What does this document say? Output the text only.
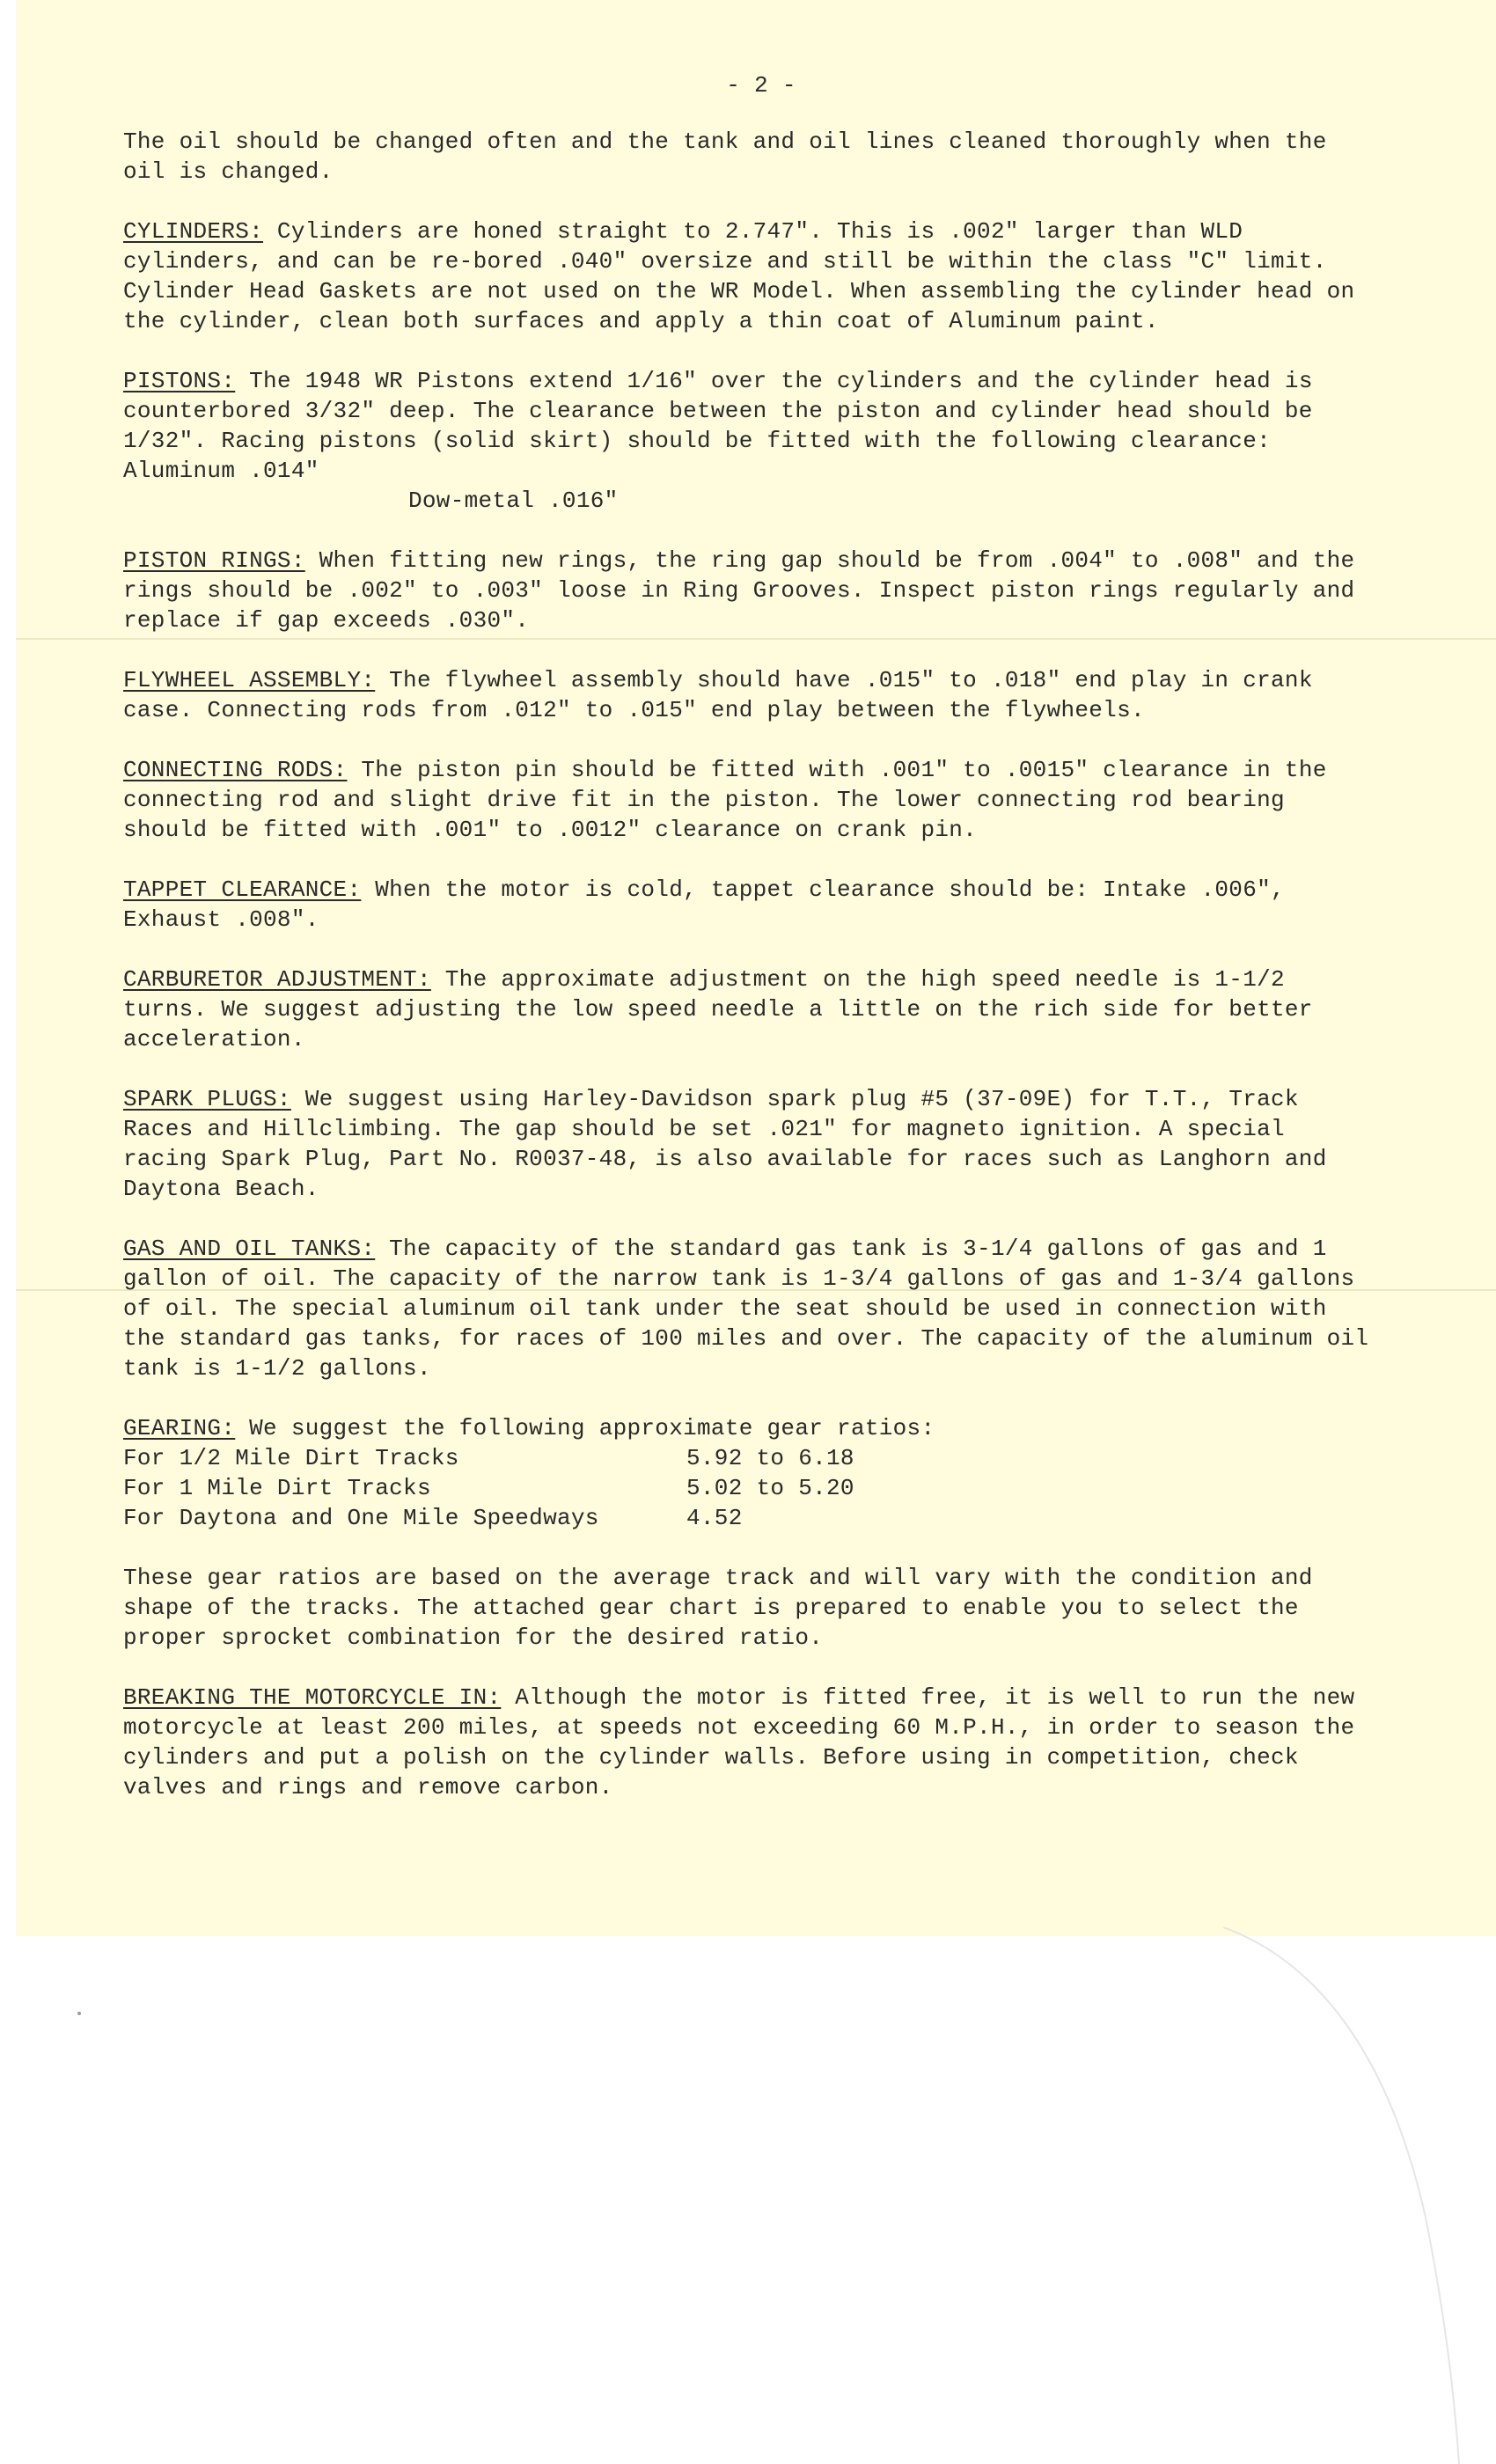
- 2 -

The oil should be changed often and the tank and oil lines cleaned thoroughly when the oil is changed.

CYLINDERS: Cylinders are honed straight to 2.747". This is .002" larger than WLD cylinders, and can be re-bored .040" oversize and still be within the class "C" limit. Cylinder Head Gaskets are not used on the WR Model. When assembling the cylinder head on the cylinder, clean both surfaces and apply a thin coat of Aluminum paint.

PISTONS: The 1948 WR Pistons extend 1/16" over the cylinders and the cylinder head is counterbored 3/32" deep. The clearance between the piston and cylinder head should be 1/32". Racing pistons (solid skirt) should be fitted with the following clearance: Aluminum .014"
Dow-metal .016"

PISTON RINGS: When fitting new rings, the ring gap should be from .004" to .008" and the rings should be .002" to .003" loose in Ring Grooves. Inspect piston rings regularly and replace if gap exceeds .030".

FLYWHEEL ASSEMBLY: The flywheel assembly should have .015" to .018" end play in crank case. Connecting rods from .012" to .015" end play between the flywheels.

CONNECTING RODS: The piston pin should be fitted with .001" to .0015" clearance in the connecting rod and slight drive fit in the piston. The lower connecting rod bearing should be fitted with .001" to .0012" clearance on crank pin.

TAPPET CLEARANCE: When the motor is cold, tappet clearance should be: Intake .006", Exhaust .008".

CARBURETOR ADJUSTMENT: The approximate adjustment on the high speed needle is 1-1/2 turns. We suggest adjusting the low speed needle a little on the rich side for better acceleration.

SPARK PLUGS: We suggest using Harley-Davidson spark plug #5 (37-09E) for T.T., Track Races and Hillclimbing. The gap should be set .021" for magneto ignition. A special racing Spark Plug, Part No. R0037-48, is also available for races such as Langhorn and Daytona Beach.

GAS AND OIL TANKS: The capacity of the standard gas tank is 3-1/4 gallons of gas and 1 gallon of oil. The capacity of the narrow tank is 1-3/4 gallons of gas and 1-3/4 gallons of oil. The special aluminum oil tank under the seat should be used in connection with the standard gas tanks, for races of 100 miles and over. The capacity of the aluminum oil tank is 1-1/2 gallons.

GEARING: We suggest the following approximate gear ratios:
For 1/2 Mile Dirt Tracks	5.92 to 6.18
For 1 Mile Dirt Tracks	5.02 to 5.20
For Daytona and One Mile Speedways	4.52

These gear ratios are based on the average track and will vary with the condition and shape of the tracks. The attached gear chart is prepared to enable you to select the proper sprocket combination for the desired ratio.

BREAKING THE MOTORCYCLE IN: Although the motor is fitted free, it is well to run the new motorcycle at least 200 miles, at speeds not exceeding 60 M.P.H., in order to season the cylinders and put a polish on the cylinder walls. Before using in competition, check valves and rings and remove carbon.
